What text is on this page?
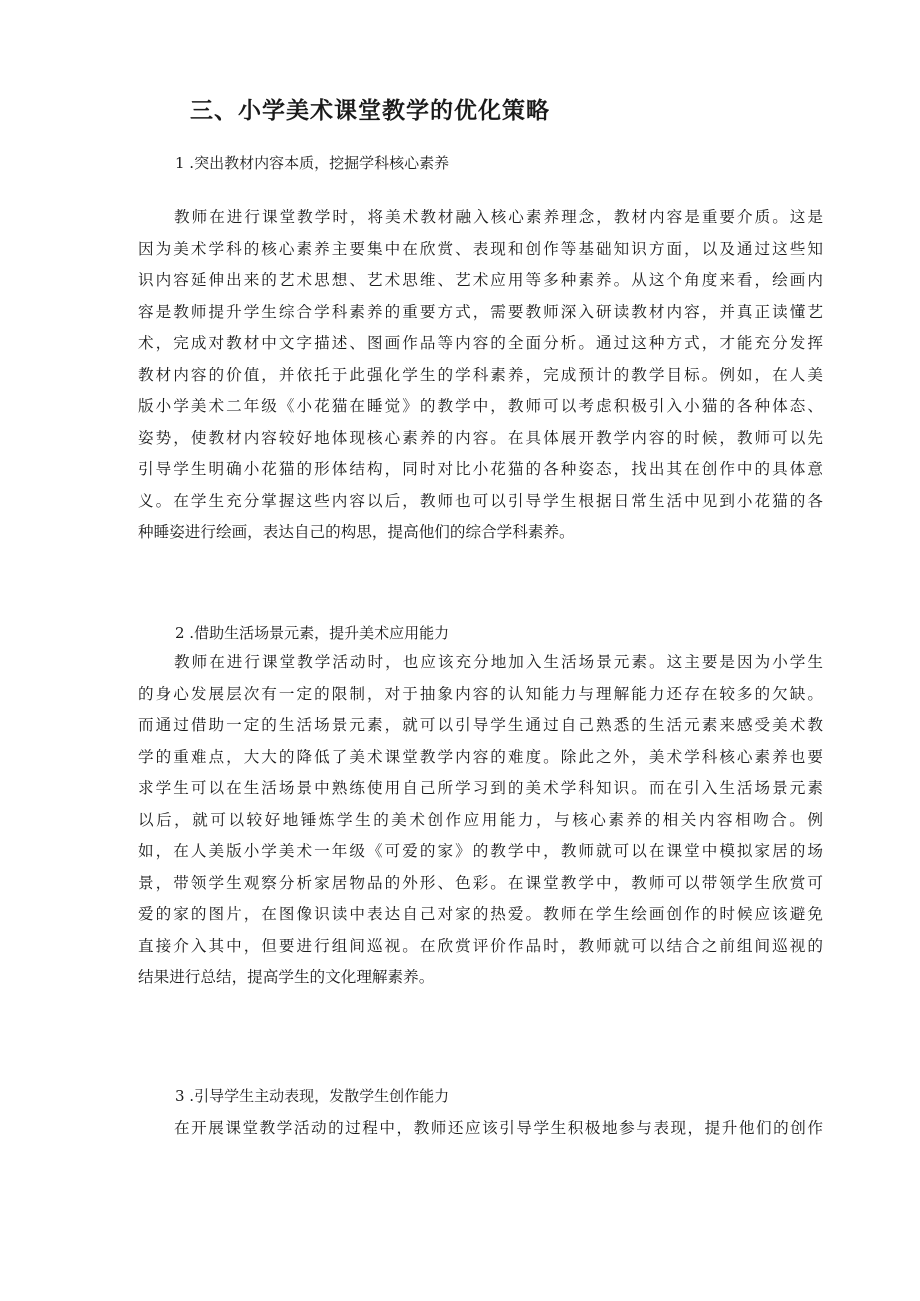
三、小学美术课堂教学的优化策略

1 .突出教材内容本质，挖掘学科核心素养

教师在进行课堂教学时，将美术教材融入核心素养理念，教材内容是重要介质。这是
因为美术学科的核心素养主要集中在欣赏、表现和创作等基础知识方面，以及通过这些知
识内容延伸出来的艺术思想、艺术思维、艺术应用等多种素养。从这个角度来看，绘画内
容是教师提升学生综合学科素养的重要方式，需要教师深入研读教材内容，并真正读懂艺
术，完成对教材中文字描述、图画作品等内容的全面分析。通过这种方式，才能充分发挥
教材内容的价值，并依托于此强化学生的学科素养，完成预计的教学目标。例如，在人美
版小学美术二年级《小花猫在睡觉》的教学中，教师可以考虑积极引入小猫的各种体态、
姿势，使教材内容较好地体现核心素养的内容。在具体展开教学内容的时候，教师可以先
引导学生明确小花猫的形体结构，同时对比小花猫的各种姿态，找出其在创作中的具体意
义。在学生充分掌握这些内容以后，教师也可以引导学生根据日常生活中见到小花猫的各
种睡姿进行绘画，表达自己的构思，提高他们的综合学科素养。

2 .借助生活场景元素，提升美术应用能力

教师在进行课堂教学活动时，也应该充分地加入生活场景元素。这主要是因为小学生
的身心发展层次有一定的限制，对于抽象内容的认知能力与理解能力还存在较多的欠缺。
而通过借助一定的生活场景元素，就可以引导学生通过自己熟悉的生活元素来感受美术教
学的重难点，大大的降低了美术课堂教学内容的难度。除此之外，美术学科核心素养也要
求学生可以在生活场景中熟练使用自己所学习到的美术学科知识。而在引入生活场景元素
以后，就可以较好地锤炼学生的美术创作应用能力，与核心素养的相关内容相吻合。例
如，在人美版小学美术一年级《可爱的家》的教学中，教师就可以在课堂中模拟家居的场
景，带领学生观察分析家居物品的外形、色彩。在课堂教学中，教师可以带领学生欣赏可
爱的家的图片，在图像识读中表达自己对家的热爱。教师在学生绘画创作的时候应该避免
直接介入其中，但要进行组间巡视。在欣赏评价作品时，教师就可以结合之前组间巡视的
结果进行总结，提高学生的文化理解素养。

3 .引导学生主动表现，发散学生创作能力

在开展课堂教学活动的过程中，教师还应该引导学生积极地参与表现，提升他们的创作
